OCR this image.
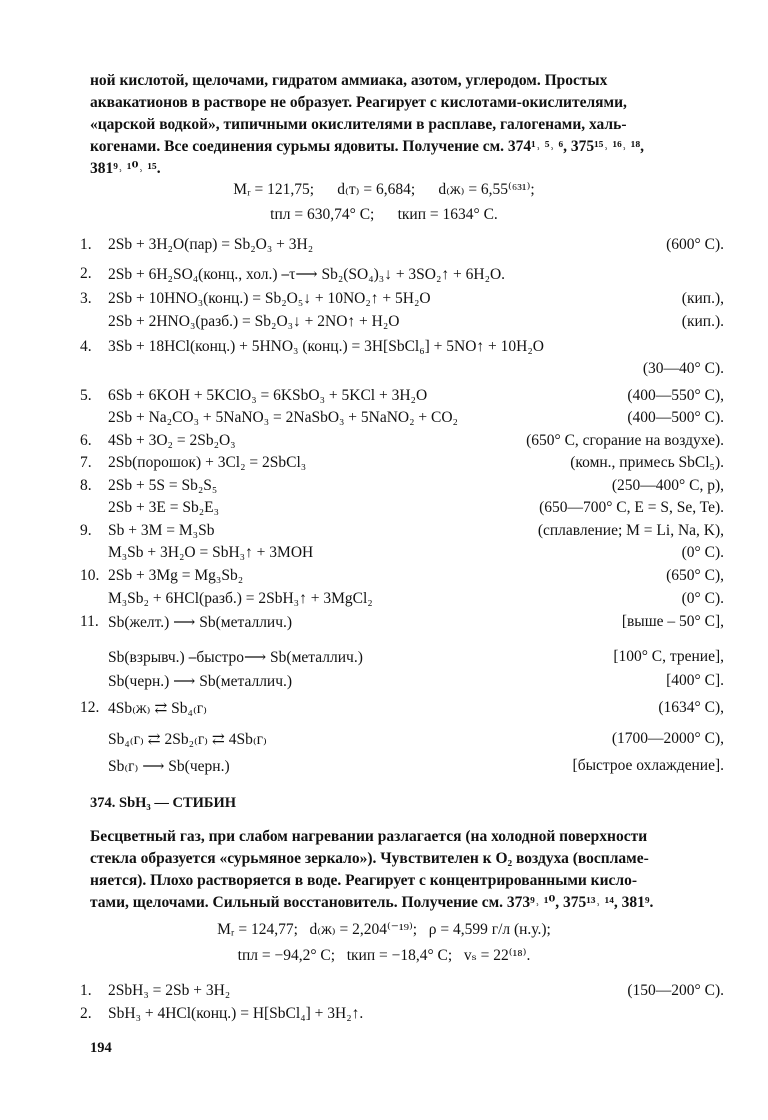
ной кислотой, щелочами, гидратом аммиака, азотом, углеродом. Простых
аквакатионов в растворе не образует. Реагирует с кислотами-окислителями,
«царской водкой», типичными окислителями в расплаве, галогенами, халь-
когенами. Все соединения сурьмы ядовиты. Получение см. 374¹˒ ⁵˒ ⁶, 375¹⁵˒ ¹⁶˒ ¹⁸,
381⁹˒ ¹⁰˒ ¹⁵.
Mᵣ = 121,75;      d₍т₎ = 6,684;      d₍ж₎ = 6,55⁽⁶³¹⁾;
tпл = 630,74° C;      tкип = 1634° C.
1.	2Sb + 3H₂O(пар) = Sb₂O₃ + 3H₂	(600° C).
2.	2Sb + 6H₂SO₄(конц., хол.) ⎯τ⟶ Sb₂(SO₄)₃↓ + 3SO₂↑ + 6H₂O.
3.	2Sb + 10HNO₃(конц.) = Sb₂O₅↓ + 10NO₂↑ + 5H₂O	(кип.),
2Sb + 2HNO₃(разб.) = Sb₂O₃↓ + 2NO↑ + H₂O	(кип.).
4.	3Sb + 18HCl(конц.) + 5HNO₃ (конц.) = 3H[SbCl₆] + 5NO↑ + 10H₂O
(30—40° C).
5.	6Sb + 6KOH + 5KClO₃ = 6KSbO₃ + 5KCl + 3H₂O	(400—550° C),
2Sb + Na₂CO₃ + 5NaNO₃ = 2NaSbO₃ + 5NaNO₂ + CO₂	(400—500° C).
6.	4Sb + 3O₂ = 2Sb₂O₃	(650° C, сгорание на воздухе).
7.	2Sb(порошок) + 3Cl₂ = 2SbCl₃	(комн., примесь SbCl₅).
8.	2Sb + 5S = Sb₂S₅	(250—400° C, p),
2Sb + 3E = Sb₂E₃	(650—700° C, E = S, Se, Te).
9.	Sb + 3M = M₃Sb	(сплавление; M = Li, Na, K),
M₃Sb + 3H₂O = SbH₃↑ + 3MOH	(0° C).
10. 2Sb + 3Mg = Mg₃Sb₂	(650° C),
M₃Sb₂ + 6HCl(разб.) = 2SbH₃↑ + 3MgCl₂	(0° C).
11. Sb(желт.) ⟶ Sb(металлич.)	[выше – 50° C],
Sb(взрывч.) ⎯быстро⟶ Sb(металлич.)	[100° C, трение],
Sb(черн.) ⟶ Sb(металлич.)	[400° C].
12. 4Sb₍ж₎ ⇄ Sb₄₍г₎	(1634° C),
Sb₄₍г₎ ⇄ 2Sb₂₍г₎ ⇄ 4Sb₍г₎	(1700—2000° C),
Sb₍г₎ ⟶ Sb(черн.)	[быстрое охлаждение].
374. SbH₃ — СТИБИН
Бесцветный газ, при слабом нагревании разлагается (на холодной поверхности
стекла образуется «сурьмяное зеркало»). Чувствителен к O₂ воздуха (воспламе-
няется). Плохо растворяется в воде. Реагирует с концентрированными кисло-
тами, щелочами. Сильный восстановитель. Получение см. 373⁹˒ ¹⁰, 375¹³˒ ¹⁴, 381⁹.
Mᵣ = 124,77;   d₍ж₎ = 2,204⁽⁻¹⁹⁾;   ρ = 4,599 г/л (н.у.);
tпл = −94,2° C;   tкип = −18,4° C;   vₛ = 22⁽¹⁸⁾.
1.	2SbH₃ = 2Sb + 3H₂	(150—200° C).
2.	SbH₃ + 4HCl(конц.) = H[SbCl₄] + 3H₂↑.
194
